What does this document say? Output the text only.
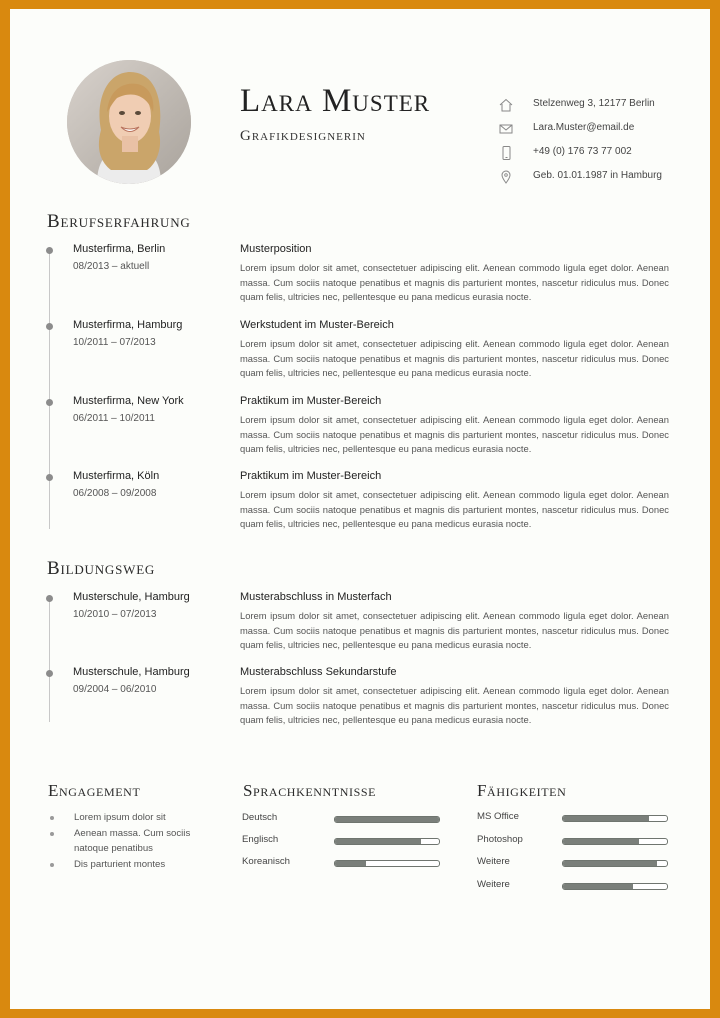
Lara Muster
Grafikdesignerin
Stelzenweg 3, 12177 Berlin
Lara.Muster@email.de
+49 (0) 176 73 77 002
Geb. 01.01.1987 in Hamburg
Berufserfahrung
Musterfirma, Berlin
08/2013 – aktuell
Musterposition
Lorem ipsum dolor sit amet, consectetuer adipiscing elit. Aenean commodo ligula eget dolor. Aenean massa. Cum sociis natoque penatibus et magnis dis parturient montes, nascetur ridiculus mus. Donec quam felis, ultricies nec, pellentesque eu pana medicus eurasia nocte.
Musterfirma, Hamburg
10/2011 – 07/2013
Werkstudent im Muster-Bereich
Lorem ipsum dolor sit amet, consectetuer adipiscing elit. Aenean commodo ligula eget dolor. Aenean massa. Cum sociis natoque penatibus et magnis dis parturient montes, nascetur ridiculus mus. Donec quam felis, ultricies nec, pellentesque eu pana medicus eurasia nocte.
Musterfirma, New York
06/2011 – 10/2011
Praktikum im Muster-Bereich
Lorem ipsum dolor sit amet, consectetuer adipiscing elit. Aenean commodo ligula eget dolor. Aenean massa. Cum sociis natoque penatibus et magnis dis parturient montes, nascetur ridiculus mus. Donec quam felis, ultricies nec, pellentesque eu pana medicus eurasia nocte.
Musterfirma, Köln
06/2008 – 09/2008
Praktikum im Muster-Bereich
Lorem ipsum dolor sit amet, consectetuer adipiscing elit. Aenean commodo ligula eget dolor. Aenean massa. Cum sociis natoque penatibus et magnis dis parturient montes, nascetur ridiculus mus. Donec quam felis, ultricies nec, pellentesque eu pana medicus eurasia nocte.
Bildungsweg
Musterschule, Hamburg
10/2010 – 07/2013
Musterabschluss in Musterfach
Lorem ipsum dolor sit amet, consectetuer adipiscing elit. Aenean commodo ligula eget dolor. Aenean massa. Cum sociis natoque penatibus et magnis dis parturient montes, nascetur ridiculus mus. Donec quam felis, ultricies nec, pellentesque eu pana medicus eurasia nocte.
Musterschule, Hamburg
09/2004 – 06/2010
Musterabschluss Sekundarstufe
Lorem ipsum dolor sit amet, consectetuer adipiscing elit. Aenean commodo ligula eget dolor. Aenean massa. Cum sociis natoque penatibus et magnis dis parturient montes, nascetur ridiculus mus. Donec quam felis, ultricies nec, pellentesque eu pana medicus eurasia nocte.
Engagement	Sprachkenntnisse	Fähigkeiten
Lorem ipsum dolor sit
Aenean massa. Cum sociis natoque penatibus
Dis parturient montes
Deutsch
Englisch
Koreanisch
MS Office
Photoshop
Weitere
Weitere
